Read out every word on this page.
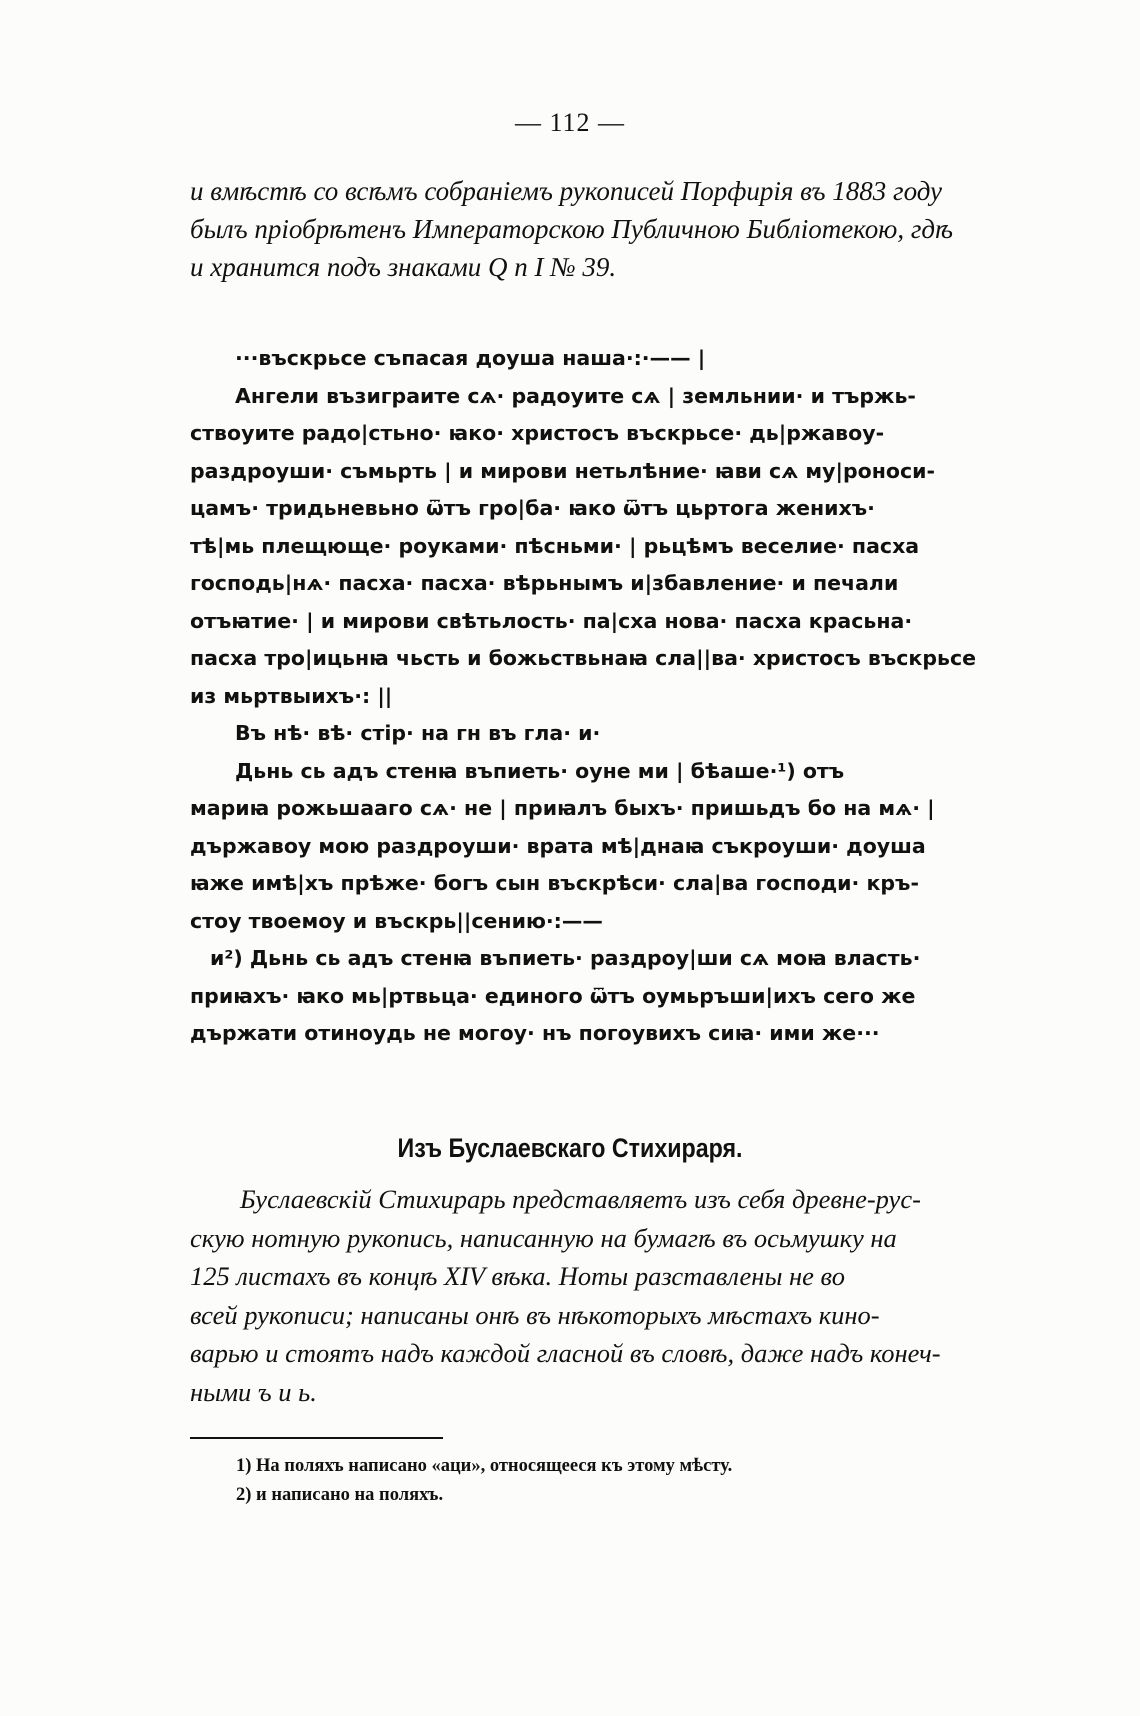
— 112 —
и вмѣстѣ со всѣмъ собраніемъ рукописей Порфирія въ 1883 году
былъ пріобрѣтенъ Императорскою Публичною Библіотекою, гдѣ
и хранится подъ знаками Q п I № 39.
···въскрьсе съпасая доуша наша·:·—— |
Ангели възиграите сѧ· радоуите сѧ | земльнии· и тържь-
ствоуите радо|стьно· ꙗко· христосъ въскрьсе· дь|ржавоу-
раздроуши· съмьрть | и мирови нетьлѣние· ꙗви сѧ му|роноси-
цамъ· тридьневьно ѿтъ гро|ба· ꙗко ѿтъ цьртога женихъ·
тѣ|мь плещюще· роуками· пѣсньми· | рьцѣмъ веселие· пасха
господь|нѧ· пасха· пасха· вѣрьнымъ и|збавление· и печали
отъꙗтие· | и мирови свѣтьлость· па|сха нова· пасха красьна·
пасха тро|ицьнꙗ чьсть и божьствьнаꙗ сла||ва· христосъ въскрьсе
из мьртвыихъ·: ||
Въ нѣ· вѣ· стір· на гн въ гла· и·
Дьнь сь адъ стенꙗ въпиеть· оуне ми | бѣаше·¹) отъ
мариꙗ рожьшааго сѧ· не | приꙗлъ быхъ· пришьдъ бо на мѧ· |
държавоу мою раздроуши· врата мѣ|днаꙗ съкроуши· доуша
ꙗже имѣ|хъ прѣже· богъ сын въскрѣси· сла|ва господи· кръ-
стоу твоемоу и въскрь||сению·:——
и²) Дьнь сь адъ стенꙗ въпиеть· раздроу|ши сѧ моꙗ власть·
приꙗхъ· ꙗко мь|ртвьца· единого ѿтъ оумьръши|ихъ сего же
държати отиноудь не могоу· нъ погоувихъ сиꙗ· ими же···
Изъ Буслаевскаго Стихираря.
Буслаевскій Стихирарь представляетъ изъ себя древне-рус-
скую нотную рукопись, написанную на бумагѣ въ осьмушку на
125 листахъ въ концѣ XIV вѣка. Ноты разставлены не во
всей рукописи; написаны онѣ въ нѣкоторыхъ мѣстахъ кино-
варью и стоятъ надъ каждой гласной въ словѣ, даже надъ конеч-
ными ъ и ь.
1) На поляхъ написано «аци», относящееся къ этому мѣсту.
2) и написано на поляхъ.
